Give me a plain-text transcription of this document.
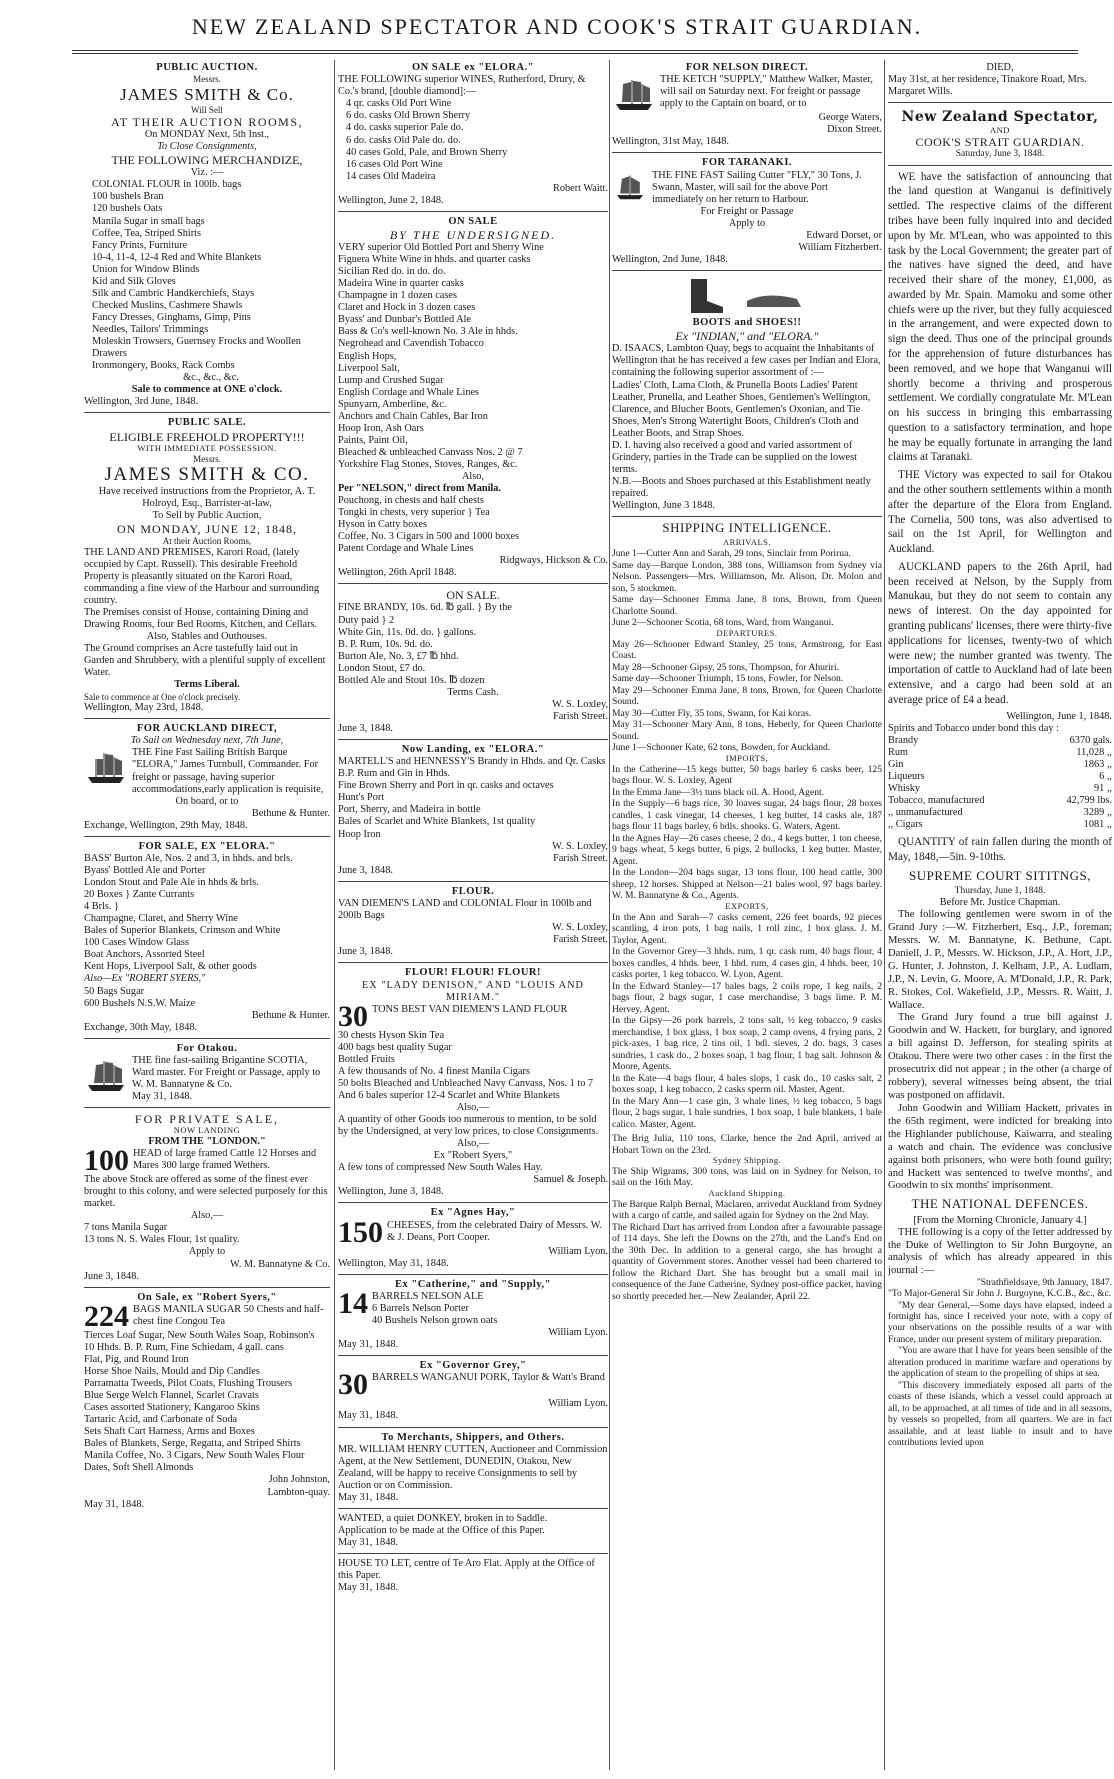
NEW ZEALAND SPECTATOR AND COOK'S STRAIT GUARDIAN.
PUBLIC AUCTION.
Messrs.
JAMES SMITH & Co.
Will Sell
AT THEIR AUCTION ROOMS,
On MONDAY Next, 5th Inst.,
To Close Consignments,
THE FOLLOWING MERCHANDIZE,
Viz. :—
COLONIAL FLOUR in 100lb. bags
100 bushels Bran
120 bushels Oats
Manila Sugar in small bags
Coffee, Tea, Striped Shirts
Fancy Prints, Furniture
10-4, 11-4, 12-4 Red and White Blankets
Union for Window Blinds
Kid and Silk Gloves
Silk and Cambric Handkerchiefs, Stays
Checked Muslins, Cashmere Shawls
Fancy Dresses, Ginghams, Gimp, Pins
Needles, Tailors' Trimmings
Moleskin Trowsers, Guernsey Frocks and Woollen Drawers
Ironmongery, Books, Rack Combs
&c., &c., &c.
Sale to commence at ONE o'clock.
Wellington, 3rd June, 1848.
PUBLIC SALE.
ELIGIBLE FREEHOLD PROPERTY!!!
WITH IMMEDIATE POSSESSION.
Messrs.
JAMES SMITH & CO.
Have received instructions from the Proprietor, A. T. Holroyd, Esq., Barrister-at-law,
To Sell by Public Auction,
ON MONDAY, JUNE 12, 1848,
At their Auction Rooms,
THE LAND AND PREMISES, Karori Road, (lately occupied by Capt. Russell). This desirable Freehold Property is pleasantly situated on the Karori Road, commanding a fine view of the Harbour and surrounding country.
The Premises consist of House, containing Dining and Drawing Rooms, four Bed Rooms, Kitchen, and Cellars.
Also, Stables and Outhouses.
The Ground comprises an Acre tastefully laid out in Garden and Shrubbery, with a plentiful supply of excellent Water.
Terms Liberal.
Sale to commence at One o'clock precisely.
Wellington, May 23rd, 1848.
FOR AUCKLAND DIRECT,
To Sail on Wednesday next, 7th June,
THE Fine Fast Sailing British Barque "ELORA," James Turnbull, Commander. For freight or passage, having superior accommodations,early application is requisite,
On board, or to
Bethune & Hunter.
Exchange, Wellington, 29th May, 1848.
FOR SALE, EX "ELORA."
BASS' Burton Ale, Nos. 2 and 3, in hhds. and brls.
Byass' Bottled Ale and Porter
London Stout and Pale Ale in hhds & brls.
20 Boxes } Zante Currants
4 Brls. }
Champagne, Claret, and Sherry Wine
Bales of Superior Blankets, Crimson and White
100 Cases Window Glass
Boat Anchors, Assorted Steel
Kent Hops, Liverpool Salt, & other goods
Also—Ex "ROBERT SYERS,"
50 Bags Sugar
600 Bushels N.S.W. Maize
Bethune & Hunter.
Exchange, 30th May, 1848.
For Otakou.
THE fine fast-sailing Brigantine SCOTIA, Ward master. For Freight or Passage, apply to W. M. Bannatyne & Co.
May 31, 1848.
FOR PRIVATE SALE,
NOW LANDING
FROM THE "LONDON."
100 HEAD of large framed Cattle 12 Horses and Mares 300 large framed Wethers.
The above Stock are offered as some of the finest ever brought to this colony, and were selected purposely for this market.
Also,—
7 tons Manila Sugar
13 tons N. S. Wales Flour, 1st quality.
Apply to
W. M. Bannatyne & Co.
June 3, 1848.
On Sale, ex "Robert Syers,"
224 BAGS MANILA SUGAR 50 Chests and half-chest fine Congou Tea
Tierces Loaf Sugar, New South Wales Soap, Robinson's
10 Hhds. B. P. Rum, Fine Schiedam, 4 gall. cans
Flat, Pig, and Round Iron
Horse Shoe Nails, Mould and Dip Candles
Parramatta Tweeds, Pilot Coats, Flushing Trousers
Blue Serge Welch Flannel, Scarlet Cravats
Cases assorted Stationery, Kangaroo Skins
Tartaric Acid, and Carbonate of Soda
Sets Shaft Cart Harness, Arms and Boxes
Bales of Blankets, Serge, Regatta, and Striped Shirts
Manila Coffee, No. 3 Cigars, New South Wales Flour
Dates, Soft Shell Almonds
John Johnston,
Lambton-quay.
May 31, 1848.
ON SALE ex "ELORA."
THE FOLLOWING superior WINES, Rutherford, Drury, & Co.'s brand, [double diamond]:—
4 qr. casks Old Port Wine
6 do. casks Old Brown Sherry
4 do. casks superior Pale do.
6 do. casks Old Pale do. do.
40 cases Gold, Pale, and Brown Sherry
16 cases Old Port Wine
14 cases Old Madeira
Robert Waitt.
Wellington, June 2, 1848.
ON SALE
BY THE UNDERSIGNED.
VERY superior Old Bottled Port and Sherry Wine
Figuera White Wine in hhds. and quarter casks
Sicilian Red do. in do. do.
Madeira Wine in quarter casks
Champagne in 1 dozen cases
Claret and Hock in 3 dozen cases
Byass' and Dunbar's Bottled Ale
Bass & Co's well-known No. 3 Ale in hhds.
Negrohead and Cavendish Tobacco
English Hops,
Liverpool Salt,
Lump and Crushed Sugar
English Cordage and Whale Lines
Spunyarn, Amberline, &c.
Anchors and Chain Cables, Bar Iron
Hoop Iron, Ash Oars
Paints, Paint Oil,
Bleached & unbleached Canvass Nos. 2 @ 7
Yorkshire Flag Stones, Stoves, Ranges, &c.
Also,
Per "NELSON," direct from Manila.
Pouchong, in chests and half chests
Tongki in chests, very superior } Tea
Hyson in Catty boxes
Coffee, No. 3 Cigars in 500 and 1000 boxes
Patent Cordage and Whale Lines
Ridgways, Hickson & Co.
Wellington, 26th April 1848.
ON SALE.
FINE BRANDY, 10s. 6d. ℔ gall. } By the
Duty paid } 2
White Gin, 11s. 0d. do. } gallons.
B. P. Rum, 10s. 9d. do.
Burton Ale, No. 3, £7 ℔ hhd.
London Stout, £7 do.
Bottled Ale and Stout 10s. ℔ dozen
Terms Cash.
W. S. Loxley,
Farish Street.
June 3, 1848.
Now Landing, ex "ELORA."
MARTELL'S and HENNESSY'S Brandy in Hhds. and Qr. Casks
B.P. Rum and Gin in Hhds.
Fine Brown Sherry and Port in qr. casks and octaves
Hunt's Port
Port, Sherry, and Madeira in bottle
Bales of Scarlet and White Blankets, 1st quality
Hoop Iron
W. S. Loxley,
Farish Street.
June 3, 1848.
FLOUR.
VAN DIEMEN'S LAND and COLONIAL Flour in 100lb and 200lb Bags
W. S. Loxley,
Farish Street.
June 3, 1848.
FLOUR! FLOUR! FLOUR!
EX "LADY DENISON," AND "LOUIS AND MIRIAM."
30 TONS BEST VAN DIEMEN'S LAND FLOUR
30 chests Hyson Skin Tea
400 bags best quality Sugar
Bottled Fruits
A few thousands of No. 4 finest Manila Cigars
50 bolts Bleached and Unbleached Navy Canvass, Nos. 1 to 7
And 6 bales superior 12-4 Scarlet and White Blankets
Also,—
A quantity of other Goods too numerous to mention, to be sold by the Undersigned, at very low prices, to close Consignments.
Also,—
Ex "Robert Syers,"
A few tons of compressed New South Wales Hay.
Samuel & Joseph.
Wellington, June 3, 1848.
Ex "Agnes Hay,"
150 CHEESES, from the celebrated Dairy of Messrs. W. & J. Deans, Port Cooper.
William Lyon.
Wellington, May 31, 1848.
Ex "Catherine," and "Supply,"
14 BARRELS NELSON ALE
6 Barrels Nelson Porter
40 Bushels Nelson grown oats
William Lyon.
May 31, 1848.
Ex "Governor Grey,"
30 BARRELS WANGANUI PORK, Taylor & Watt's Brand
William Lyon.
May 31, 1848.
To Merchants, Shippers, and Others.
MR. WILLIAM HENRY CUTTEN, Auctioneer and Commission Agent, at the New Settlement, DUNEDIN, Otakou, New Zealand, will be happy to receive Consignments to sell by Auction or on Commission.
May 31, 1848.
WANTED, a quiet DONKEY, broken in to Saddle.
Application to be made at the Office of this Paper.
May 31, 1848.
HOUSE TO LET, centre of Te Aro Flat. Apply at the Office of this Paper.
May 31, 1848.
FOR NELSON DIRECT.
THE KETCH "SUPPLY," Matthew Walker, Master, will sail on Saturday next. For freight or passage apply to the Captain on board, or to
George Waters,
Dixon Street.
Wellington, 31st May, 1848.
FOR TARANAKI.
THE FINE FAST Sailing Cutter "FLY," 30 Tons, J. Swann, Master, will sail for the above Port immediately on her return to Harbour.
For Freight or Passage
Apply to
Edward Dorset, or
William Fitzherbert.
Wellington, 2nd June, 1848.
BOOTS and SHOES!!
Ex "INDIAN," and "ELORA."
D. ISAACS, Lambton Quay, begs to acquaint the Inhabitants of Wellington that he has received a few cases per Indian and Elora, containing the following superior assortment of :—
Ladies' Cloth, Lama Cloth, & Prunella Boots Ladies' Patent Leather, Prunella, and Leather Shoes, Gentlemen's Wellington, Clarence, and Blucher Boots, Gentlemen's Oxonian, and Tie Shoes, Men's Strong Watertight Boots, Children's Cloth and Leather Boots, and Strap Shoes.
D. I. having also received a good and varied assortment of Grindery, parties in the Trade can be supplied on the lowest terms.
N.B.—Boots and Shoes purchased at this Establishment neatly repaired.
Wellington, June 3 1848.
SHIPPING INTELLIGENCE.
ARRIVALS.
June 1—Cutter Ann and Sarah, 29 tons, Sinclair from Porirua.
Same day—Barque London, 388 tons, Williamson from Sydney via Nelson. Passengers—Mrs. Williamson, Mr. Alison, Dr. Molon and son, 5 stockmen.
Same day—Schooner Emma Jane, 8 tons, Brown, from Queen Charlotte Sound.
June 2—Schooner Scotia, 68 tons, Ward, from Wanganui.
DEPARTURES.
May 26—Schooner Edward Stanley, 25 tons, Armstrong, for East Coast.
May 28—Schooner Gipsy, 25 tons, Thompson, for Ahuriri.
Same day—Schooner Triumph, 15 tons, Fowler, for Nelson.
May 29—Schooner Emma Jane, 8 tons, Brown, for Queen Charlotte Sound.
May 30—Cutter Fly, 35 tons, Swann, for Kai koras.
May 31—Schooner Mary Ann, 8 tons, Heberly, for Queen Charlotte Sound.
June 1—Schooner Kate, 62 tons, Bowden, for Auckland.
IMPORTS,
In the Catherine—15 kegs butter, 50 bags barley 6 casks beer, 125 bags flour. W. S. Loxley, Agent
In the Emma Jane—3½ tuns black oil. A. Hood, Agent.
In the Supply—6 bags rice, 30 loaves sugar, 24 bags flour, 28 boxes candles, 1 cask vinegar, 14 cheeses, 1 keg butter, 14 casks ale, 187 bags flour 11 bags barley, 6 bdls. shooks. G. Waters, Agent.
In the Agnes Hay—26 cases cheese, 2 do., 4 kegs butter, 1 ton cheese, 9 bags wheat, 5 kegs butter, 6 pigs, 2 bullocks, 1 keg butter. Master, Agent.
In the London—204 bags sugar, 13 tons flour, 100 head cattle, 300 sheep, 12 horses. Shipped at Nelson—21 bales wool, 97 bags barley. W. M. Bannatyne & Co., Agents.
EXPORTS,
In the Ann and Sarah—7 casks cement, 226 feet boards, 92 pieces scantling, 4 iron pots, 1 bag nails, 1 roll zinc, 1 box glass. J. M. Taylor, Agent.
In the Governor Grey—3 hhds. rum, 1 qr. cask rum, 40 bags flour, 4 boxes candles, 4 hhds. beer, 1 hhd. rum, 4 cases gin, 4 hhds. beer, 10 casks porter, 1 keg tobacco. W. Lyon, Agent.
In the Edward Stanley—17 bales bags, 2 coils rope, 1 keg nails, 2 bags flour, 2 bags sugar, 1 case merchandise, 3 bags lime. P. M. Hervey, Agent.
In the Gipsy—26 pork barrels, 2 tons salt, ½ keg tobacco, 9 casks merchandise, 1 box glass, 1 box soap, 2 camp ovens, 4 frying pans, 2 pick-axes, 1 bag rice, 2 tins oil, 1 bdl. sieves, 2 do. bags, 3 cases sundries, 1 cask do., 2 boxes soap, 1 bag flour, 1 bag salt. Johnson & Moore, Agents.
In the Kate—4 bags flour, 4 bales slops, 1 cask do., 10 casks salt, 2 boxes soap, 1 keg tobacco, 2 casks sperm oil. Master, Agent.
In the Mary Ann—1 case gin, 3 whale lines, ½ keg tobacco, 5 bags flour, 2 bags sugar, 1 bale sundries, 1 box soap, 1 bale blankets, 1 bale calico. Master, Agent.
The Brig Julia, 110 tons, Clarke, hence the 2nd April, arrived at Hobart Town on the 23rd.
Sydney Shipping.
The Ship Wigrams, 300 tons, was laid on in Sydney for Nelson, to sail on the 16th May.
Auckland Shipping.
The Barque Ralph Bernal, Maclaren, arrivedat Auckland from Sydney with a cargo of cattle, and sailed again for Sydney on the 2nd May.
The Richard Dart has arrived from London after a favourable passage of 114 days. She left the Downs on the 27th, and the Land's End on the 30th Dec. In addition to a general cargo, she has brought a quantity of Government stores. Another vessel had been chartered to follow the Richard Dart. She has brought but a small mail in consequence of the Jane Catherine, Sydney post-office packet, having so shortly preceded her.—New Zealander, April 22.
DIED,
May 31st, at her residence, Tinakore Road, Mrs. Margaret Wills.
New Zealand Spectator,
AND
COOK'S STRAIT GUARDIAN.
Saturday, June 3, 1848.
WE have the satisfaction of announcing that the land question at Wanganui is definitively settled. The respective claims of the different tribes have been fully inquired into and decided upon by Mr. M'Lean, who was appointed to this task by the Local Government; the greater part of the natives have signed the deed, and have received their share of the money, £1,000, as awarded by Mr. Spain. Mamoku and some other chiefs were up the river, but they fully acquiesced in the arrangement, and were expected down to sign the deed. Thus one of the principal grounds for the apprehension of future disturbances has been removed, and we hope that Wanganui will shortly become a thriving and prosperous settlement. We cordially congratulate Mr. M'Lean on his success in bringing this embarrassing question to a satisfactory termination, and hope he may be equally fortunate in arranging the land claims at Taranaki.
THE Victory was expected to sail for Otakou and the other southern settlements within a month after the departure of the Elora from England. The Cornelia, 500 tons, was also advertised to sail on the 1st April, for Wellington and Auckland.
AUCKLAND papers to the 26th April, had been received at Nelson, by the Supply from Manukau, but they do not seem to contain any news of interest. On the day appointed for granting publicans' licenses, there were thirty-five applications for licenses, twenty-two of which were new; the number granted was twenty. The importation of cattle to Auckland had of late been extensive, and a cargo had been sold at an average price of £4 a head.
Wellington, June 1, 1848.
Spirits and Tobacco under bond this day :
Brandy	6370 gals.
Rum	11,028 ,,
Gin	1863 ,,
Liqueurs	6 ,,
Whisky	91 ,,
Tobacco, manufactured	42,799 lbs.
,, unmanufactured	3289 ,,
,, Cigars	1081 ,,
QUANTITY of rain fallen during the month of May, 1848,—5in. 9-10ths.
SUPREME COURT SITITNGS,
Thursday, June 1, 1848.
Before Mr. Justice Chapman.
The following gentlemen were sworn in of the Grand Jury :—W. Fitzherbert, Esq., J.P., foreman; Messrs. W. M. Bannatyne, K. Bethune, Capt. Daniell, J. P., Messrs. W. Hickson, J.P., A. Hort, J.P., G. Hunter, J. Johnston, J. Kelham, J.P., A. Ludlam, J.P., N. Levin, G. Moore, A. M'Donald, J.P., R. Park, R. Stokes, Col. Wakefield, J.P., Messrs. R. Waitt, J. Wallace.
The Grand Jury found a true bill against J. Goodwin and W. Hackett, for burglary, and ignored a bill against D. Jefferson, for stealing spirits at Otakou. There were two other cases : in the first the prosecutrix did not appear ; in the other (a charge of robbery), several witnesses being absent, the trial was postponed on affidavit.
John Goodwin and William Hackett, privates in the 65th regiment, were indicted for breaking into the Highlander publichouse, Kaiwarra, and stealing a watch and chain. The evidence was conclusive against both prisoners, who were both found guilty; and Hackett was sentenced to twelve months', and Goodwin to six months' imprisonment.
THE NATIONAL DEFENCES.
[From the Morning Chronicle, January 4.]
THE following is a copy of the letter addressed by the Duke of Wellington to Sir John Burgoyne, an analysis of which has already appeared in this journal :—
"Strathfieldsaye, 9th January, 1847.
"To Major-General Sir John J. Burgoyne, K.C.B., &c., &c.
"My dear General,—Some days have elapsed, indeed a fortnight has, since I received your note, with a copy of your observations on the possible results of a war with France, under our present system of military preparation.
"You are aware that I have for years been sensible of the alteration produced in maritime warfare and operations by the application of steam to the propelling of ships at sea.
"This discovery immediately exposed all parts of the coasts of these islands, which a vessel could approach at all, to be approached, at all times of tide and in all seasons, by vessels so propelled, from all quarters. We are in fact assailable, and at least liable to insult and to have contributions levied upon
